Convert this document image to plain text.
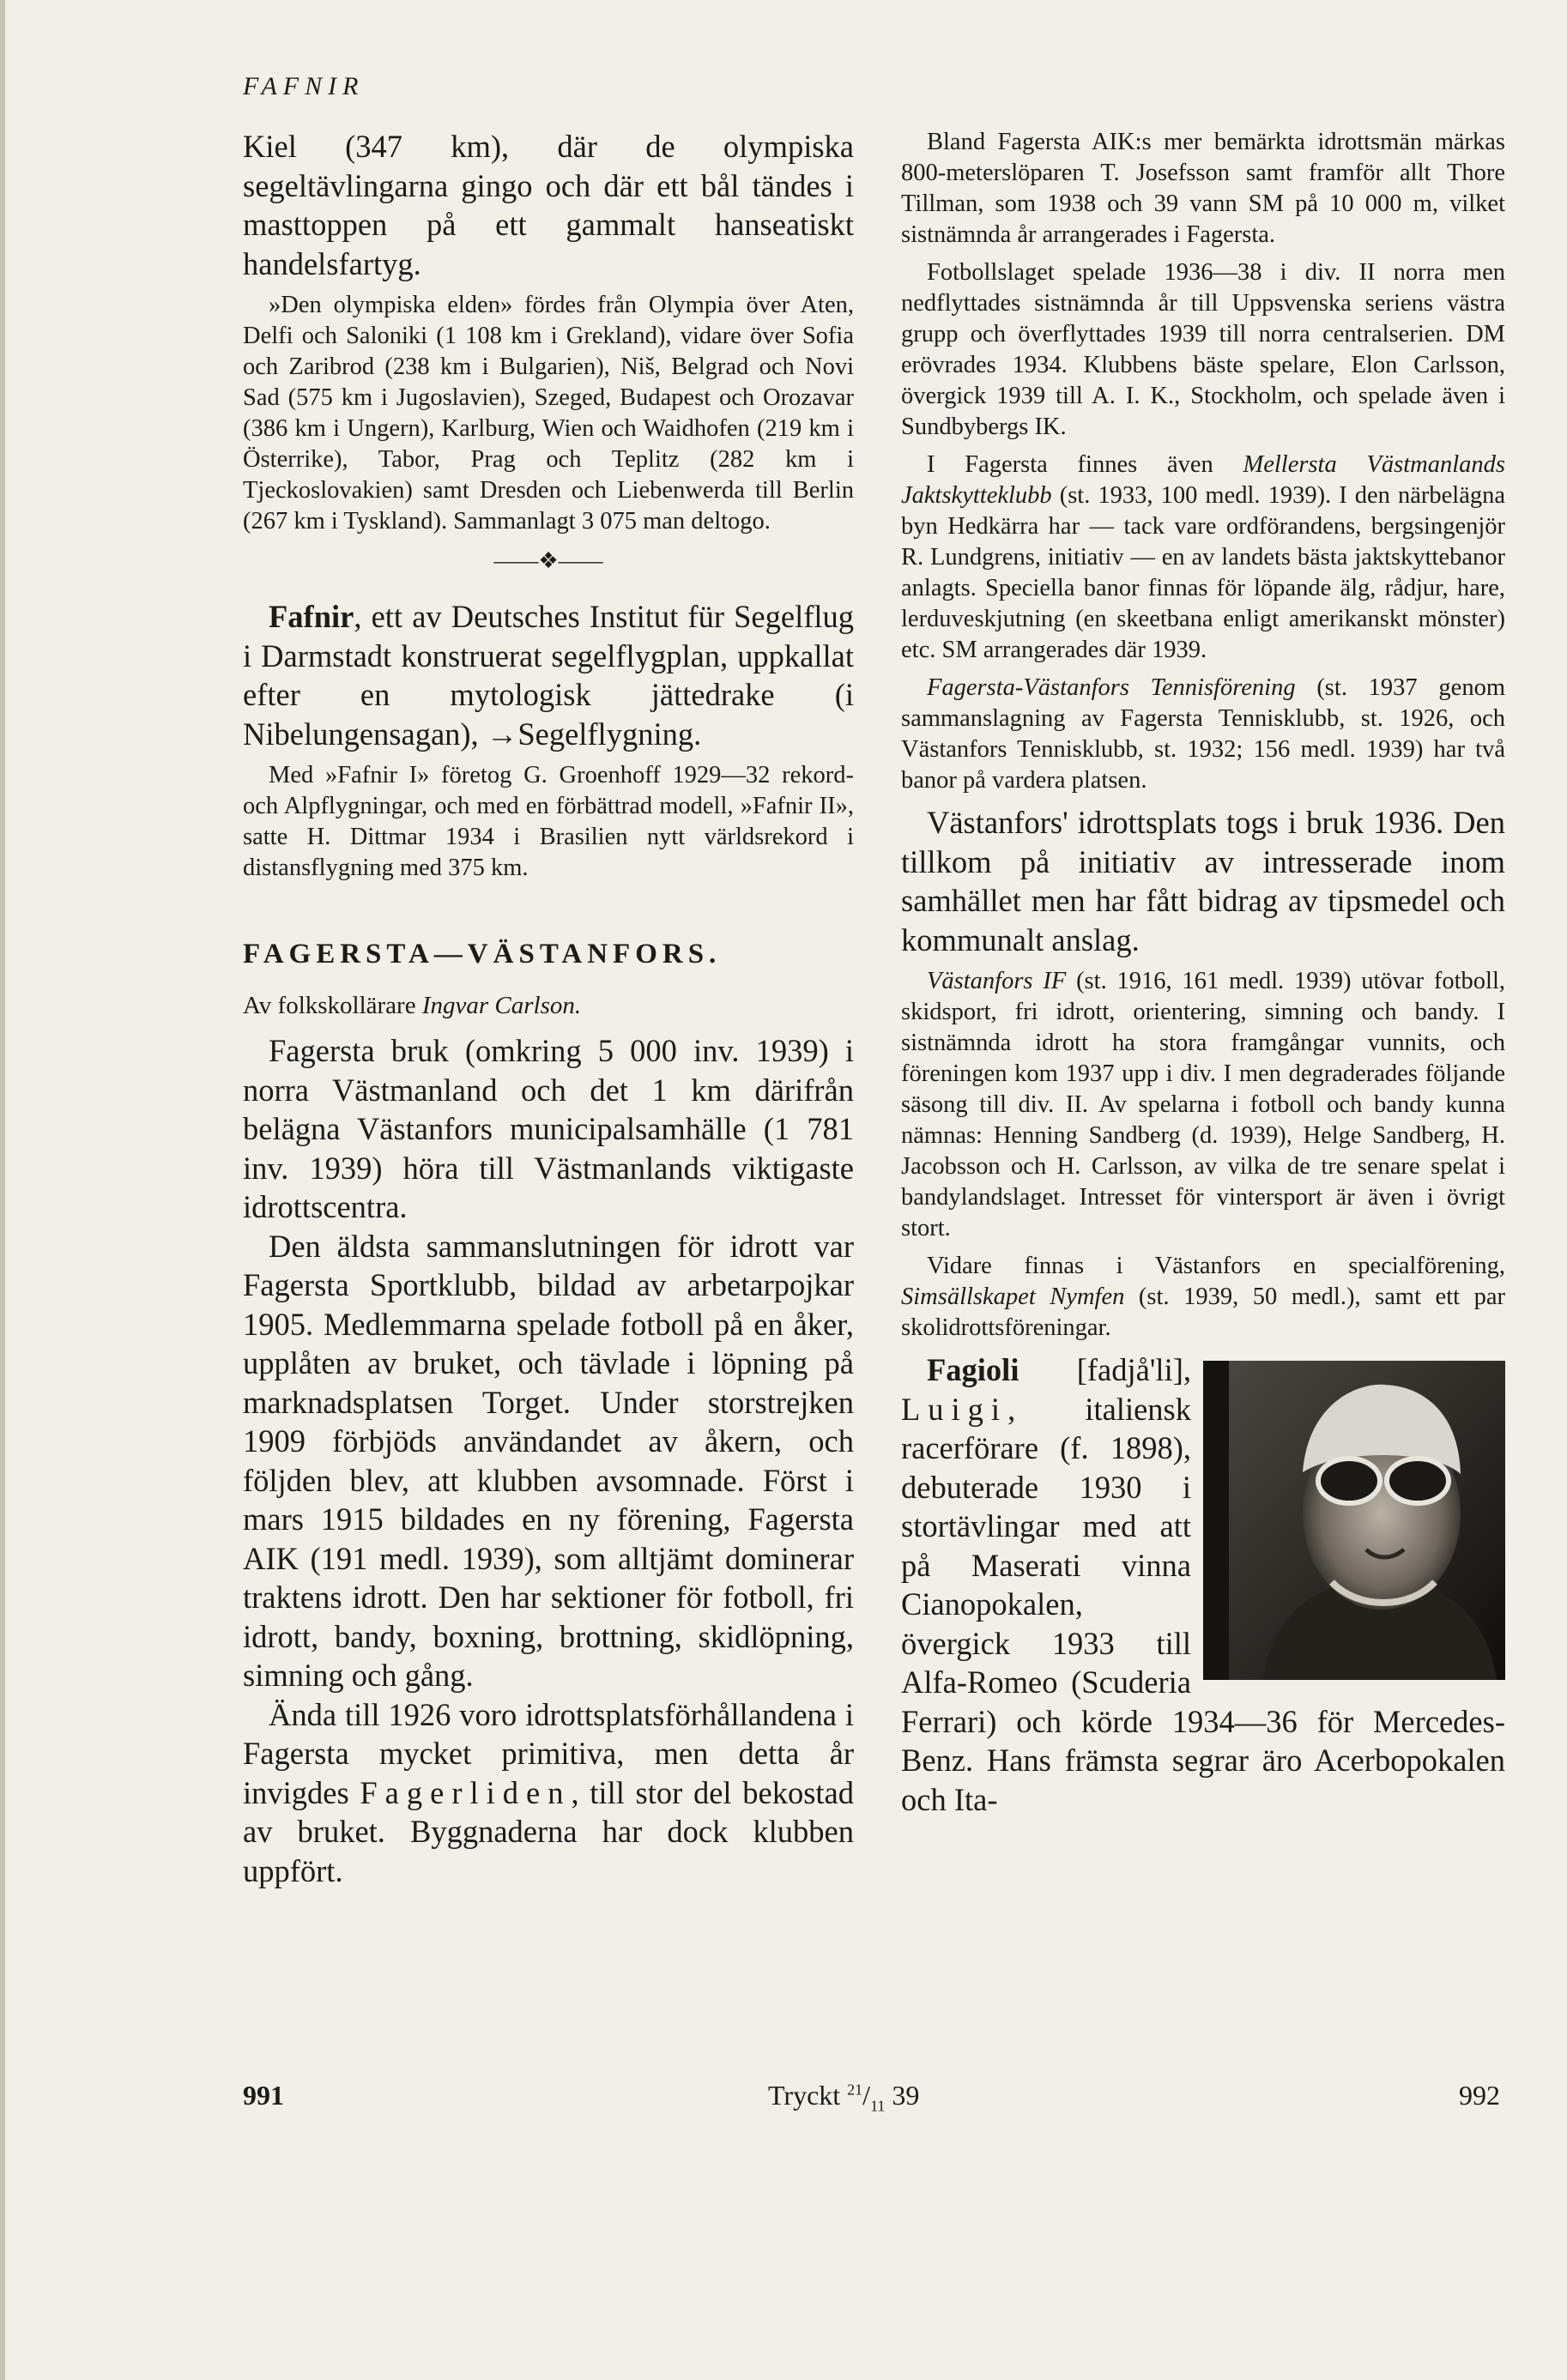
FAFNIR

Kiel (347 km), där de olympiska segeltävlingarna gingo och där ett bål tändes i masttoppen på ett gammalt hanseatiskt handelsfartyg.

»Den olympiska elden» fördes från Olympia över Aten, Delfi och Saloniki (1 108 km i Grekland), vidare över Sofia och Zaribrod (238 km i Bulgarien), Niš, Belgrad och Novi Sad (575 km i Jugoslavien), Szeged, Budapest och Orozavar (386 km i Ungern), Karlburg, Wien och Waidhofen (219 km i Österrike), Tabor, Prag och Teplitz (282 km i Tjeckoslovakien) samt Dresden och Liebenwerda till Berlin (267 km i Tyskland). Sammanlagt 3 075 man deltogo.

——❖——

Fafnir, ett av Deutsches Institut für Segelflug i Darmstadt konstruerat segelflygplan, uppkallat efter en mytologisk jättedrake (i Nibelungensagan), →Segelflygning.

Med »Fafnir I» företog G. Groenhoff 1929—32 rekord- och Alpflygningar, och med en förbättrad modell, »Fafnir II», satte H. Dittmar 1934 i Brasilien nytt världsrekord i distansflygning med 375 km.

FAGERSTA—VÄSTANFORS.
Av folkskollärare Ingvar Carlson.

Fagersta bruk (omkring 5 000 inv. 1939) i norra Västmanland och det 1 km därifrån belägna Västanfors municipalsamhälle (1 781 inv. 1939) höra till Västmanlands viktigaste idrottscentra.

Den äldsta sammanslutningen för idrott var Fagersta Sportklubb, bildad av arbetarpojkar 1905. Medlemmarna spelade fotboll på en åker, upplåten av bruket, och tävlade i löpning på marknadsplatsen Torget. Under storstrejken 1909 förbjöds användandet av åkern, och följden blev, att klubben avsomnade. Först i mars 1915 bildades en ny förening, Fagersta AIK (191 medl. 1939), som alltjämt dominerar traktens idrott. Den har sektioner för fotboll, fri idrott, bandy, boxning, brottning, skidlöpning, simning och gång.

Ända till 1926 voro idrottsplatsförhållandena i Fagersta mycket primitiva, men detta år invigdes Fagerliden, till stor del bekostad av bruket. Byggnaderna har dock klubben uppfört.

Bland Fagersta AIK:s mer bemärkta idrottsmän märkas 800-meterslöparen T. Josefsson samt framför allt Thore Tillman, som 1938 och 39 vann SM på 10 000 m, vilket sistnämnda år arrangerades i Fagersta.

Fotbollslaget spelade 1936—38 i div. II norra men nedflyttades sistnämnda år till Uppsvenska seriens västra grupp och överflyttades 1939 till norra centralserien. DM erövrades 1934. Klubbens bäste spelare, Elon Carlsson, övergick 1939 till A. I. K., Stockholm, och spelade även i Sundbybergs IK.

I Fagersta finnes även Mellersta Västmanlands Jaktskytteklubb (st. 1933, 100 medl. 1939). I den närbelägna byn Hedkärra har — tack vare ordförandens, bergsingenjör R. Lundgrens, initiativ — en av landets bästa jaktskyttebanor anlagts. Speciella banor finnas för löpande älg, rådjur, hare, lerduveskjutning (en skeetbana enligt amerikanskt mönster) etc. SM arrangerades där 1939.

Fagersta-Västanfors Tennisförening (st. 1937 genom sammanslagning av Fagersta Tennisklubb, st. 1926, och Västanfors Tennisklubb, st. 1932; 156 medl. 1939) har två banor på vardera platsen.

Västanfors' idrottsplats togs i bruk 1936. Den tillkom på initiativ av intresserade inom samhället men har fått bidrag av tipsmedel och kommunalt anslag.

Västanfors IF (st. 1916, 161 medl. 1939) utövar fotboll, skidsport, fri idrott, orientering, simning och bandy. I sistnämnda idrott ha stora framgångar vunnits, och föreningen kom 1937 upp i div. I men degraderades följande säsong till div. II. Av spelarna i fotboll och bandy kunna nämnas: Henning Sandberg (d. 1939), Helge Sandberg, H. Jacobsson och H. Carlsson, av vilka de tre senare spelat i bandylandslaget. Intresset för vintersport är även i övrigt stort.

Vidare finnas i Västanfors en specialförening, Simsällskapet Nymfen (st. 1939, 50 medl.), samt ett par skolidrottsföreningar.

Fagioli [fadjå'li], Luigi, italiensk racerförare (f. 1898), debuterade 1930 i stortävlingar med att på Maserati vinna Cianopokalen, övergick 1933 till Alfa-Romeo (Scuderia Ferrari) och körde 1934—36 för Mercedes-Benz. Hans främsta segrar äro Acerbopokalen och Ita-

991	Tryckt $^{21}/_{11}$ 39	992
